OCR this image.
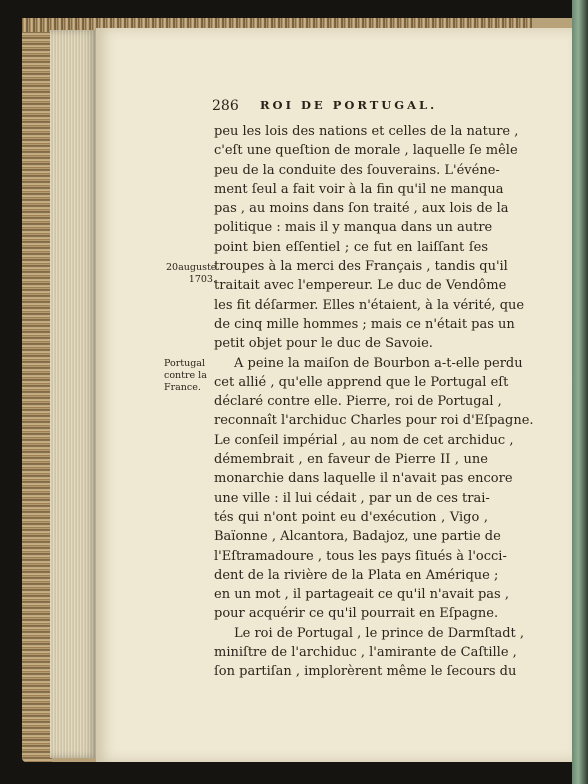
286 ROI DE PORTUGAL.
20auguste
1703.
Portugal
contre la
France.
peu les lois des nations et celles de la nature ,
c'eſt une queſtion de morale , laquelle ſe mêle
peu de la conduite des ſouverains. L'événe-
ment ſeul a fait voir à la fin qu'il ne manqua
pas , au moins dans ſon traité , aux lois de la
politique : mais il y manqua dans un autre
point bien eſſentiel ; ce fut en laiſſant ſes
troupes à la merci des Français , tandis qu'il
traitait avec l'empereur. Le duc de Vendôme
les fit déſarmer. Elles n'étaient, à la vérité, que
de cinq mille hommes ; mais ce n'était pas un
petit objet pour le duc de Savoie.
A peine la maiſon de Bourbon a-t-elle perdu
cet allié , qu'elle apprend que le Portugal eſt
déclaré contre elle. Pierre, roi de Portugal ,
reconnaît l'archiduc Charles pour roi d'Eſpagne.
Le conſeil impérial , au nom de cet archiduc ,
démembrait , en faveur de Pierre II , une
monarchie dans laquelle il n'avait pas encore
une ville : il lui cédait , par un de ces trai-
tés qui n'ont point eu d'exécution , Vigo ,
Baïonne , Alcantora, Badajoz, une partie de
l'Eſtramadoure , tous les pays ſitués à l'occi-
dent de la rivière de la Plata en Amérique ;
en un mot , il partageait ce qu'il n'avait pas ,
pour acquérir ce qu'il pourrait en Eſpagne.
Le roi de Portugal , le prince de Darmſtadt ,
miniſtre de l'archiduc , l'amirante de Caſtille ,
ſon partiſan , implorèrent même le ſecours du
